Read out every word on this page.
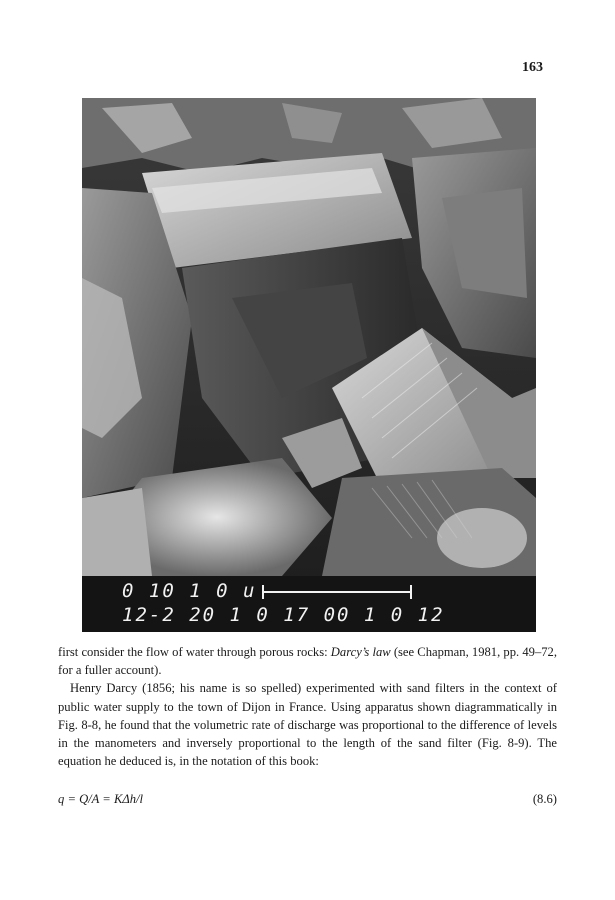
163
0 10 1 0 u
12-2 20 1 0 17 00 1 0 12

first consider the flow of water through porous rocks: Darcy’s law (see Chapman, 1981, pp. 49–72, for a fuller account).

Henry Darcy (1856; his name is so spelled) experimented with sand filters in the context of public water supply to the town of Dijon in France. Using apparatus shown diagrammatically in Fig. 8-8, he found that the volumetric rate of discharge was proportional to the difference of levels in the manometers and inversely proportional to the length of the sand filter (Fig. 8-9). The equation he deduced is, in the notation of this book:

q = Q/A = KΔh/l	(8.6)
